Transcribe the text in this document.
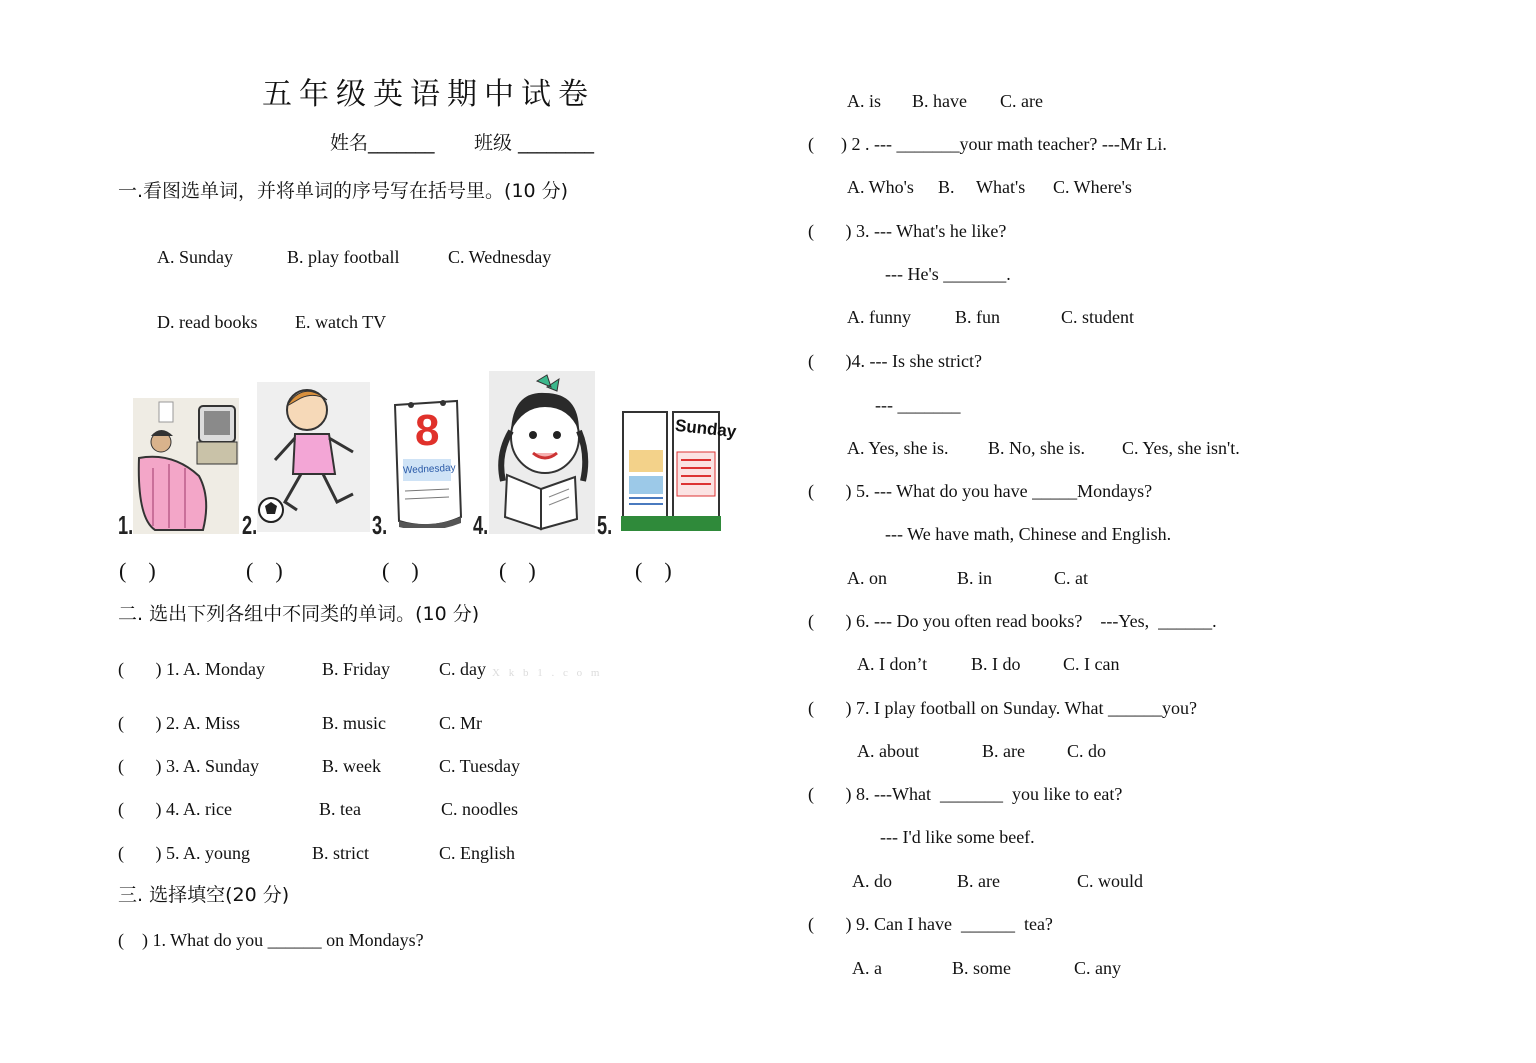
五年级英语期中试卷
姓名_______ 班级 ________
一.看图选单词，并将单词的序号写在括号里。(10 分)
A. Sunday	B. play football	C. Wednesday
D. read books E. watch TV
1.	2.
8
Wednesday
3.	4.
Sunday
5.
(    )	(    )	(    )	(    )	(    )
二. 选出下列各组中不同类的单词。(10 分)
(       ) 1. A. Monday	B. Friday	C. day X k b 1 . c o m
(       ) 2. A. Miss	B. music	C. Mr
(       ) 3. A. Sunday	B. week	C. Tuesday
(       ) 4. A. rice	B. tea	C. noodles
(       ) 5. A. young	B. strict	C. English
三. 选择填空(20 分)
(    ) 1. What do you ______ on Mondays?
A. is B. have C. are
(      ) 2 . --- _______your math teacher? ---Mr Li.
A. Who's B. What's C. Where's
(       ) 3. --- What's he like?
--- He's _______.
A. funny B. fun	C. student
(       )4. --- Is she strict?
--- _______
A. Yes, she is. B. No, she is. C. Yes, she isn't.
(       ) 5. --- What do you have _____Mondays?
--- We have math, Chinese and English.
A. on	B. in	C. at
(       ) 6. --- Do you often read books?    ---Yes,  ______.
A. I don’t B. I do C. I can
(       ) 7. I play football on Sunday. What ______you?
A. about	B. are C. do
(       ) 8. ---What  _______  you like to eat?
--- I'd like some beef.
A. do	B. are	C. would
(       ) 9. Can I have  ______  tea?
A. a	B. some	C. any
